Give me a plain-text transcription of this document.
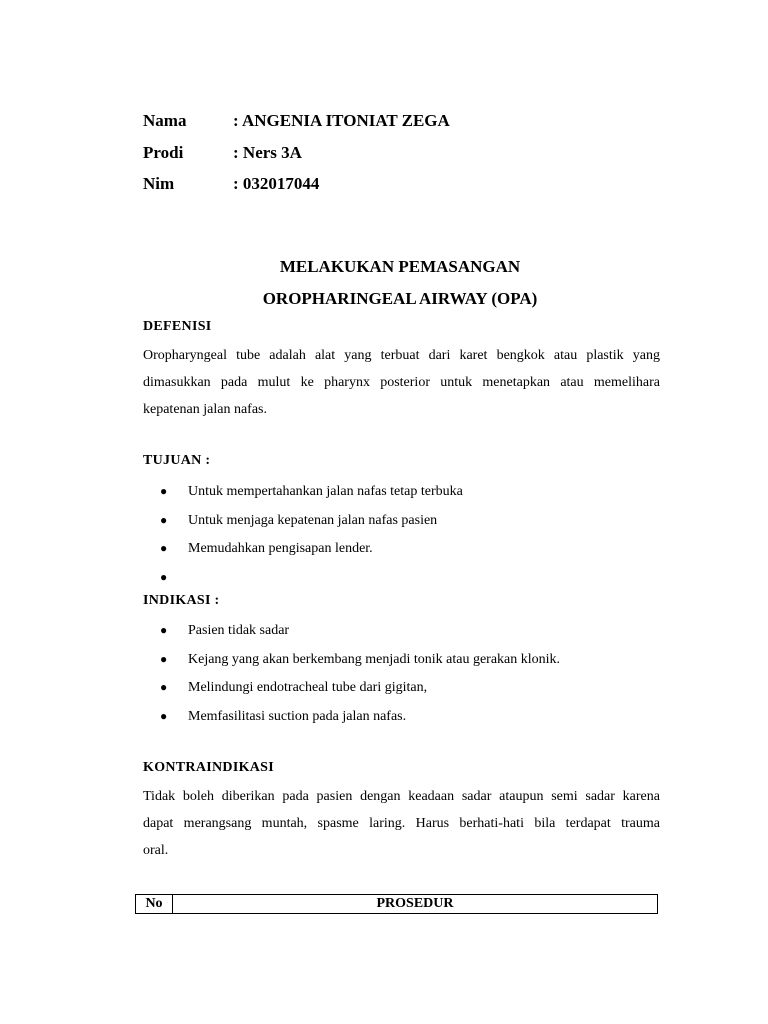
Nama	: ANGENIA ITONIAT ZEGA
Prodi	: Ners 3A
Nim	: 032017044
MELAKUKAN PEMASANGAN
OROPHARINGEAL AIRWAY (OPA)
DEFENISI
Oropharyngeal tube adalah alat yang terbuat dari karet bengkok atau plastik yang
dimasukkan pada mulut ke pharynx posterior untuk menetapkan atau memelihara
kepatenan jalan nafas.
TUJUAN :
● Untuk mempertahankan jalan nafas tetap terbuka
● Untuk menjaga kepatenan jalan nafas pasien
● Memudahkan pengisapan lender.
●
INDIKASI :
● Pasien tidak sadar
● Kejang yang akan berkembang menjadi tonik atau gerakan klonik.
● Melindungi endotracheal tube dari gigitan,
● Memfasilitasi suction pada jalan nafas.
KONTRAINDIKASI
Tidak boleh diberikan pada pasien dengan keadaan sadar ataupun semi sadar karena
dapat merangsang muntah, spasme laring. Harus berhati-hati bila terdapat trauma
oral.
No	PROSEDUR
